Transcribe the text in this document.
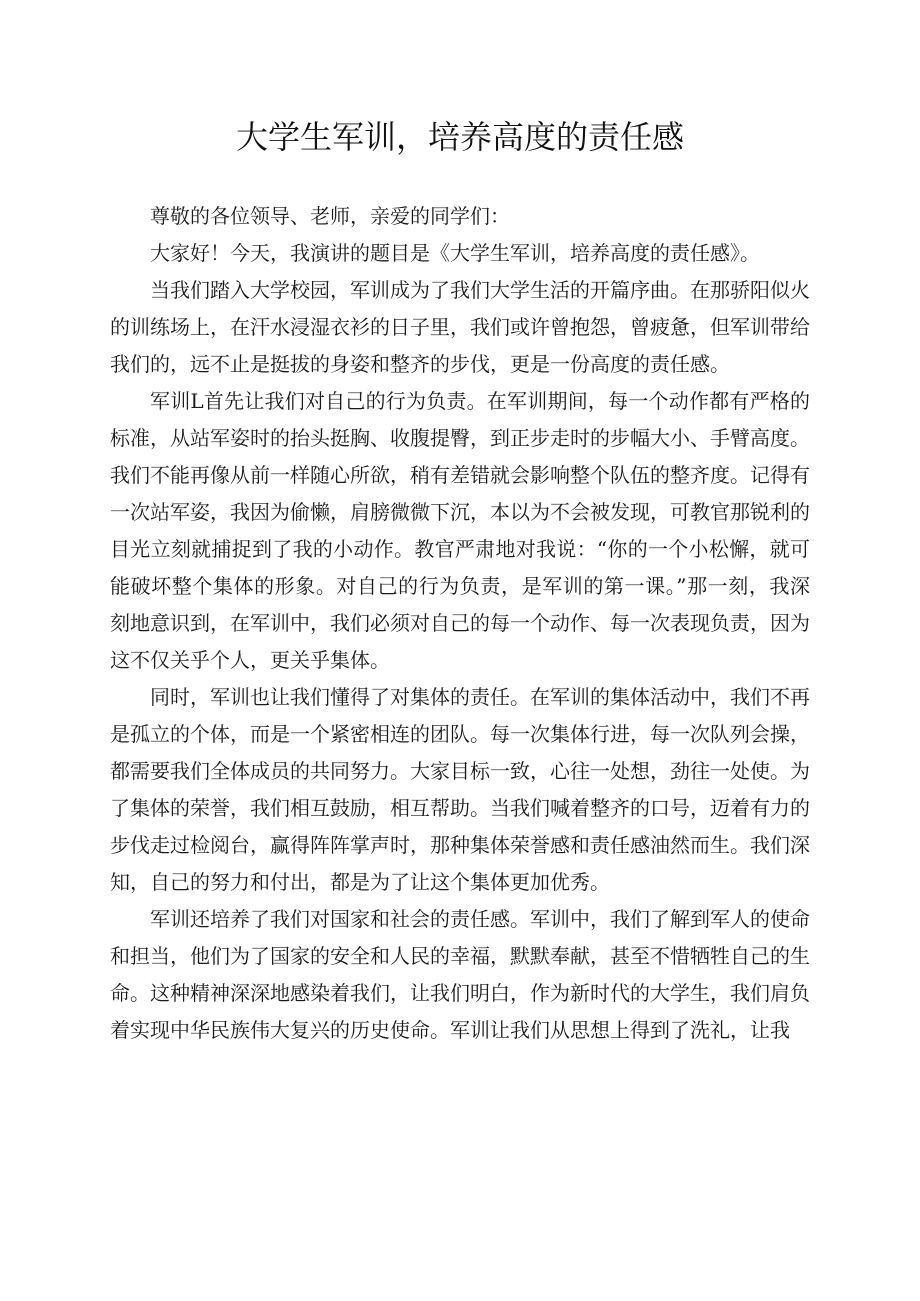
大学生军训，培养高度的责任感

尊敬的各位领导、老师，亲爱的同学们：

大家好！今天，我演讲的题目是《大学生军训，培养高度的责任感》。

当我们踏入大学校园，军训成为了我们大学生活的开篇序曲。在那骄阳似火的训练场上，在汗水浸湿衣衫的日子里，我们或许曾抱怨，曾疲惫，但军训带给我们的，远不止是挺拔的身姿和整齐的步伐，更是一份高度的责任感。

军训L首先让我们对自己的行为负责。在军训期间，每一个动作都有严格的标准，从站军姿时的抬头挺胸、收腹提臀，到正步走时的步幅大小、手臂高度。我们不能再像从前一样随心所欲，稍有差错就会影响整个队伍的整齐度。记得有一次站军姿，我因为偷懒，肩膀微微下沉，本以为不会被发现，可教官那锐利的目光立刻就捕捉到了我的小动作。教官严肃地对我说：“你的一个小松懈，就可能破坏整个集体的形象。对自己的行为负责，是军训的第一课。”那一刻，我深刻地意识到，在军训中，我们必须对自己的每一个动作、每一次表现负责，因为这不仅关乎个人，更关乎集体。

同时，军训也让我们懂得了对集体的责任。在军训的集体活动中，我们不再是孤立的个体，而是一个紧密相连的团队。每一次集体行进，每一次队列会操，都需要我们全体成员的共同努力。大家目标一致，心往一处想，劲往一处使。为了集体的荣誉，我们相互鼓励，相互帮助。当我们喊着整齐的口号，迈着有力的步伐走过检阅台，赢得阵阵掌声时，那种集体荣誉感和责任感油然而生。我们深知，自己的努力和付出，都是为了让这个集体更加优秀。

军训还培养了我们对国家和社会的责任感。军训中，我们了解到军人的使命和担当，他们为了国家的安全和人民的幸福，默默奉献，甚至不惜牺牲自己的生命。这种精神深深地感染着我们，让我们明白，作为新时代的大学生，我们肩负着实现中华民族伟大复兴的历史使命。军训让我们从思想上得到了洗礼，让我
